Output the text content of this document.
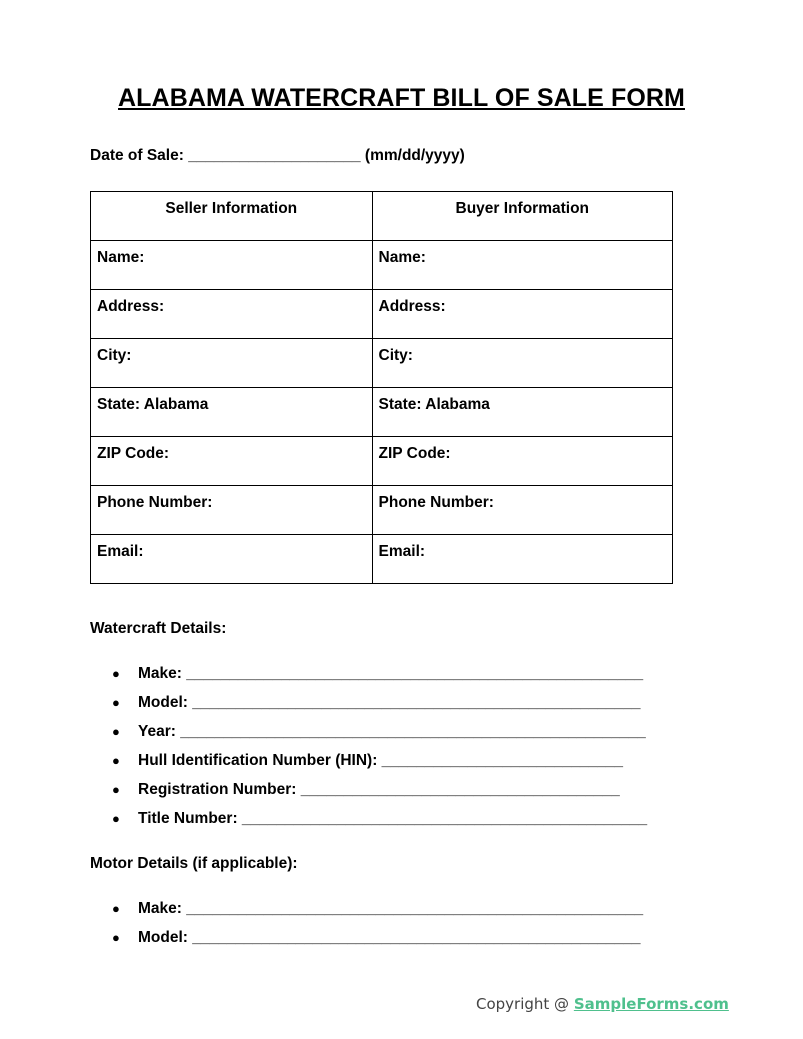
ALABAMA WATERCRAFT BILL OF SALE FORM
Date of Sale: ____________________ (mm/dd/yyyy)
Seller Information	Buyer Information
Name:	Name:
Address:	Address:
City:	City:
State: Alabama	State: Alabama
ZIP Code:	ZIP Code:
Phone Number:	Phone Number:
Email:	Email:
Watercraft Details:
● Make: _____________________________________________________
● Model: ____________________________________________________
● Year: ______________________________________________________
● Hull Identification Number (HIN): ____________________________
● Registration Number: _____________________________________
● Title Number: _______________________________________________
Motor Details (if applicable):
● Make: _____________________________________________________
● Model: ____________________________________________________
Copyright @ SampleForms.com
